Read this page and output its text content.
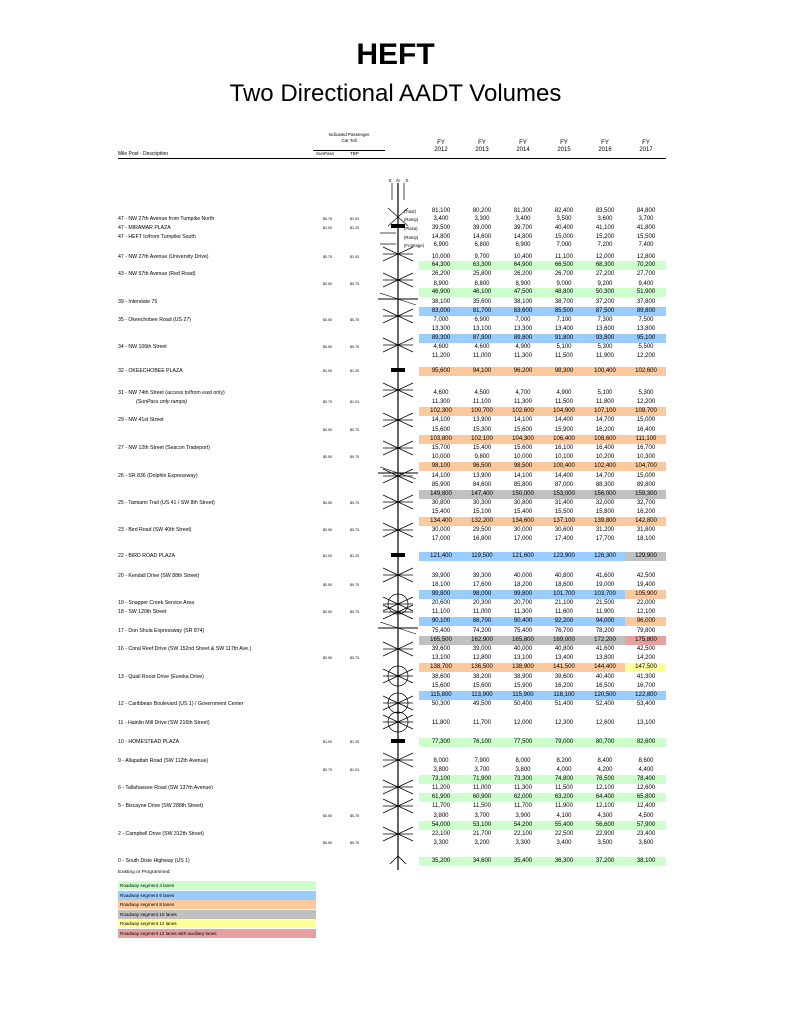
HEFT
Two Directional AADT Volumes
Indicated Passenger
Car Toll
SunPass	TBP
Mile Post - Description
FY
2012
FY
2013
FY
2014
FY
2015
FY
2016
FY
2017
S N S
(Total)	81,100	80,200	81,300	82,400	83,500	84,800
47 - NW 27th Avenue from Tumpike North	$0.75	$1.03	(Ramp)	3,400	3,300	3,400	3,500	3,600	3,700
47 - MIRAMAR PLAZA	$1.00	$1.25	(Plaza)	39,500	39,000	39,700	40,400	41,100	41,800
47 - HEFT to/from Turnpike South	(Ramp)	14,800	14,600	14,800	15,000	15,200	15,500
(Frontage)	6,900	6,800	6,900	7,000	7,200	7,400
47 - NW 27th Avenue (University Drive)	$0.75	$1.03	10,000	9,700	10,400	11,100	12,000	12,800
64,300	63,300	64,900	66,500	68,300	70,200
43 - NW 57th Avenue (Red Road)	26,200	25,800	26,200	26,700	27,200	27,700
$0.50	$0.75	8,900	8,800	8,900	9,000	9,200	9,400
46,900	46,100	47,500	48,800	50,300	51,900
39 - Interstate 75	38,100	35,600	38,100	38,700	37,200	37,800
83,000	81,700	83,600	85,500	87,500	89,800
35 - Okeechobee Road (US 27)	$0.50	$0.75	7,000	6,900	7,000	7,100	7,300	7,500
13,300	13,100	13,300	13,400	13,600	13,800
89,300	87,900	89,800	91,800	93,800	95,100
34 - NW 106th Street	$0.50	$0.75	4,600	4,600	4,900	5,100	5,300	5,500
11,200	11,000	11,300	11,500	11,900	12,200
32 - OKEECHOBEE PLAZA	$1.00	$1.25	95,600	94,100	96,200	98,300	100,400	102,600
31 - NW 74th Street (access to/from east only)	4,600	4,500	4,700	4,900	5,100	5,300
(SunPass only ramps)	$0.75	$1.03	11,300	11,100	11,300	11,500	11,800	12,200
102,300	100,700	102,600	104,900	107,100	109,700
29 - NW 41st Street	14,100	13,900	14,100	14,400	14,700	15,000
$0.50	$0.75	15,600	15,300	15,600	15,900	16,200	16,400
103,800	102,100	104,300	106,400	108,600	111,100
27 - NW 12th Street (Seacon Tradeport)	15,700	15,400	15,600	16,100	16,400	16,700
$0.50	$0.75	10,000	9,800	10,000	10,100	10,200	10,300
98,100	96,500	98,500	100,400	102,400	104,700
26 - SR 836 (Dolphin Expressway)	14,100	13,900	14,100	14,400	14,700	15,000
85,900	84,600	85,800	87,000	88,300	89,800
149,800	147,400	150,000	153,000	156,000	159,300
25 - Tamiami Trail (US 41 / SW 8th Street)	$0.50	$0.75	30,800	30,300	30,800	31,400	32,000	32,700
15,400	15,100	15,400	15,500	15,800	16,200
134,400	132,200	134,600	137,100	139,800	142,800
23 - Bird Road (SW 40th Street)	$0.50	$0.75	30,000	29,500	30,000	30,600	31,200	31,800
17,000	16,800	17,000	17,400	17,700	18,100
22 - BIRD ROAD PLAZA	$1.00	$1.25	121,400	119,500	121,600	123,900	126,300	129,900
20 - Kendall Drive (SW 88th Street)	39,900	39,300	40,000	40,800	41,600	42,500
$0.50	$0.75	18,100	17,600	18,200	18,600	19,000	19,400
99,800	98,000	99,800	101,700	103,700	105,900
19 - Snapper Creek Service Area	20,600	20,300	20,700	21,100	21,500	22,000
18 - SW 120th Street	$0.50	$0.75	11,100	11,000	11,300	11,600	11,900	12,100
90,100	88,700	90,400	92,200	94,000	96,000
17 - Don Shula Expressway (SR 874)	75,400	74,200	75,400	76,700	78,200	79,800
165,500	162,900	165,800	169,000	172,200	175,800
16 - Coral Reef Drive (SW 152nd Street & SW 117th Ave.)	39,600	39,000	40,000	40,800	41,600	42,500
$0.50	$0.75	13,100	12,800	13,100	13,400	13,800	14,200
138,700	136,500	138,900	141,500	144,400	147,500
13 - Quail Roost Drive (Eureka Drive)	38,600	38,200	38,900	39,600	40,400	41,300
15,600	15,600	15,900	16,200	16,500	16,700
115,800	113,900	115,900	118,100	120,500	122,800
12 - Caribbean Boulevard (US 1) / Government Center	50,300	49,500	50,400	51,400	52,400	53,400
11 - Hainlin Mill Drive (SW 216th Street)	11,800	11,700	12,000	12,300	12,600	13,100
10 - HOMESTEAD PLAZA	$1.00	$1.25	77,300	76,100	77,500	79,000	80,700	82,600
9 - Allapattah Road (SW 112th Avenue)	8,000	7,900	8,000	8,200	8,400	8,600
$0.75	$1.03	3,800	3,700	3,800	4,000	4,200	4,400
73,100	71,900	73,300	74,800	76,500	78,400
6 - Tallahassee Road (SW 137th Avenue)	11,200	11,000	11,300	11,500	12,100	12,600
61,900	60,900	62,000	63,200	64,400	65,800
5 - Biscayne Drive (SW 288th Street)	11,700	11,500	11,700	11,900	12,100	12,400
$0.50	$0.75	3,800	3,700	3,900	4,100	4,300	4,500
54,000	53,100	54,200	55,400	56,600	57,900
2 - Campbell Drive (SW 312th Street)	22,100	21,700	22,100	22,500	22,900	23,400
$0.50	$0.75	3,300	3,200	3,300	3,400	3,500	3,600
0 - South Dixie Highway (US 1)	35,200	34,600	35,400	36,300	37,200	38,100
Existing or Programmed:
Roadway segment 4 lanes
Roadway segment 6 lanes
Roadway segment 8 lanes
Roadway segment 10 lanes
Roadway segment 12 lanes
Roadway segment 12 lanes with auxiliary lanes
